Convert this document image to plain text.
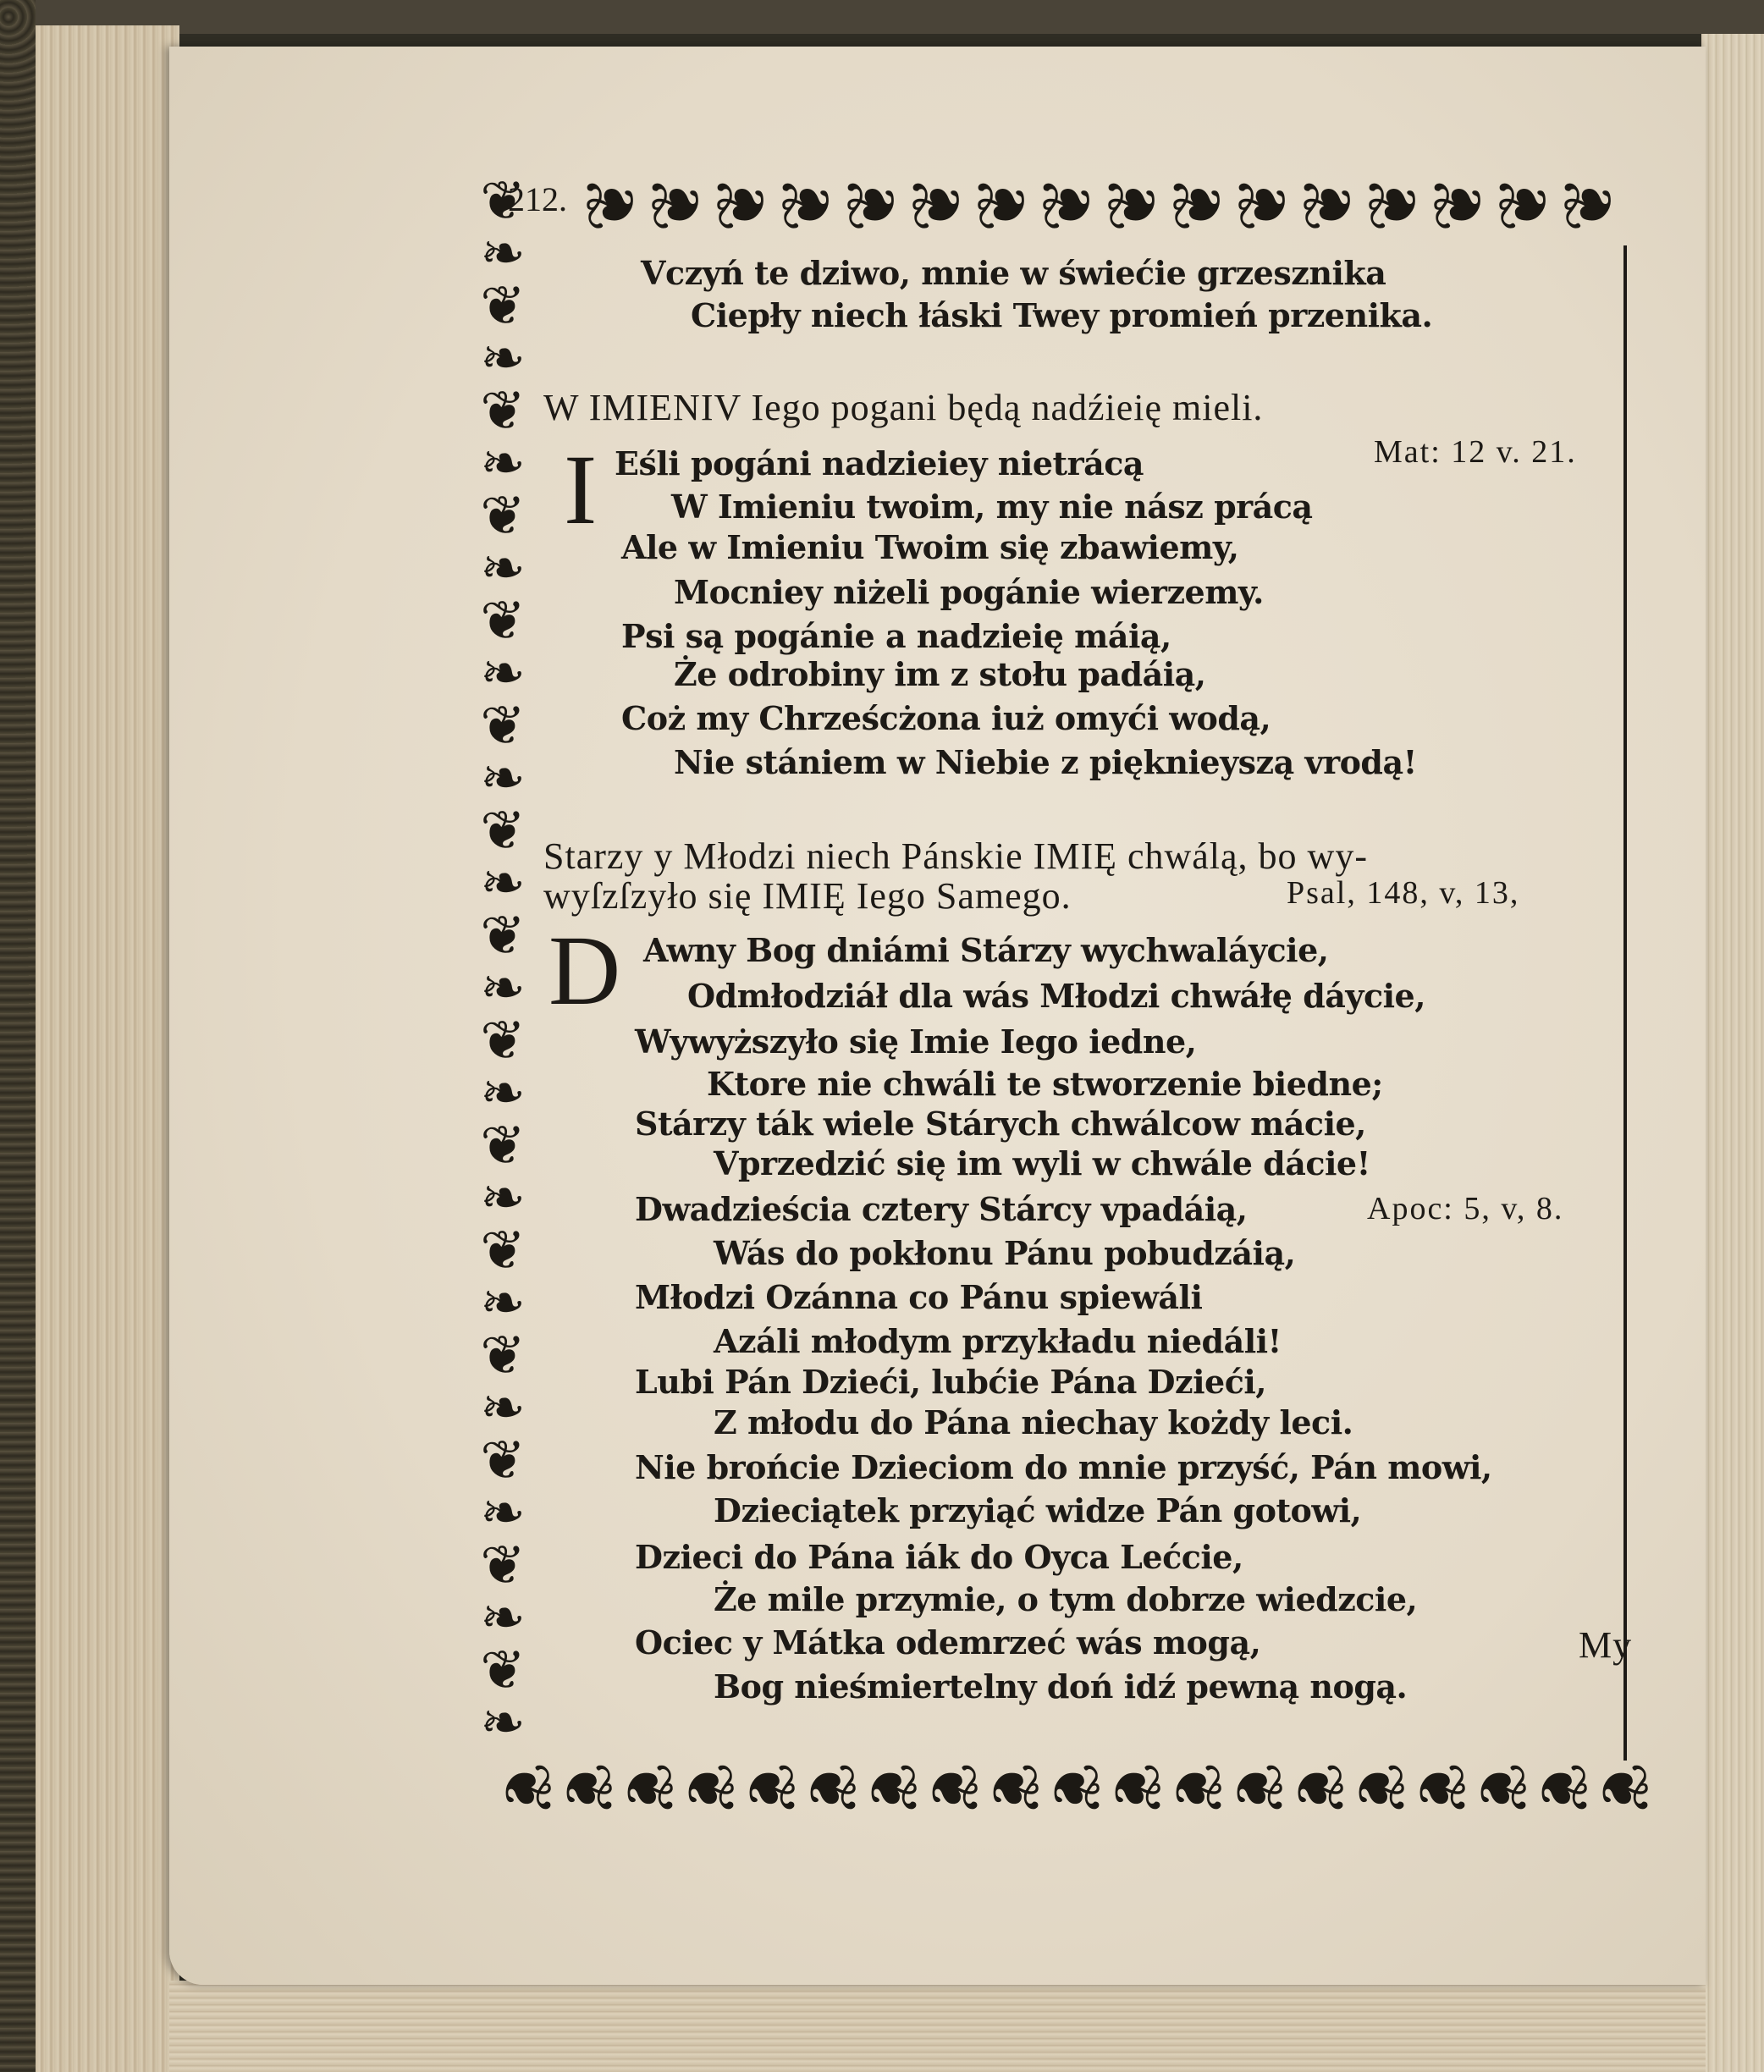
❦❦❦❦❦❦❦❦❦❦❦❦❦❦❦❦
❦
❧
❦
❧
❦
❧
❦
❧
❦
❧
❦
❧
❦
❧
❦
❧
❦
❧
❦
❧
❦
❧
❦
❧
❦
❧
❦
❧
❦
❧
❦❦❦❦❦❦❦❦❦❦❦❦❦❦❦❦❦❦❦
212.
I
D
My
Vczyń te dziwo, mnie w świećie grzesznika
Ciepły niech łáski Twey promień przenika.
W IMIENIV Iego pogani będą nadźieię mieli.
Mat: 12 v. 21.
Eśli pogáni nadzieiey nietrácą
W Imieniu twoim, my nie nász prácą
Ale w Imieniu Twoim się zbawiemy,
Mocniey niżeli pogánie wierzemy.
Psi są pogánie a nadzieię máią,
Że odrobiny im z stołu padáią,
Coż my Chrześcżona iuż omyći wodą,
Nie stániem w Niebie z pięknieyszą vrodą!
Starzy y Młodzi niech Pánskie IMIĘ chwálą, bo wy-
wyſzſzyło się IMIĘ Iego Samego.	Psal, 148, v, 13,
Awny Bog dniámi Stárzy wychwaláycie,
Odmłodziáł dla wás Młodzi chwáłę dáycie,
Wywyższyło się Imie Iego iedne,
Ktore nie chwáli te stworzenie biedne;
Stárzy ták wiele Stárych chwálcow mácie,
Vprzedzić się im wyli w chwále dácie!
Dwadzieścia cztery Stárcy vpadáią,	Apoc: 5, v, 8.
Wás do pokłonu Pánu pobudzáią,
Młodzi Ozánna co Pánu spiewáli
Azáli młodym przykładu niedáli!
Lubi Pán Dzieći, lubćie Pána Dzieći,
Z młodu do Pána niechay kożdy leci.
Nie brońcie Dzieciom do mnie przyść, Pán mowi,
Dzieciątek przyiąć widze Pán gotowi,
Dzieci do Pána iák do Oyca Lećcie,
Że mile przymie, o tym dobrze wiedzcie,
Ociec y Mátka odemrzeć wás mogą,
Bog nieśmiertelny doń idź pewną nogą.
